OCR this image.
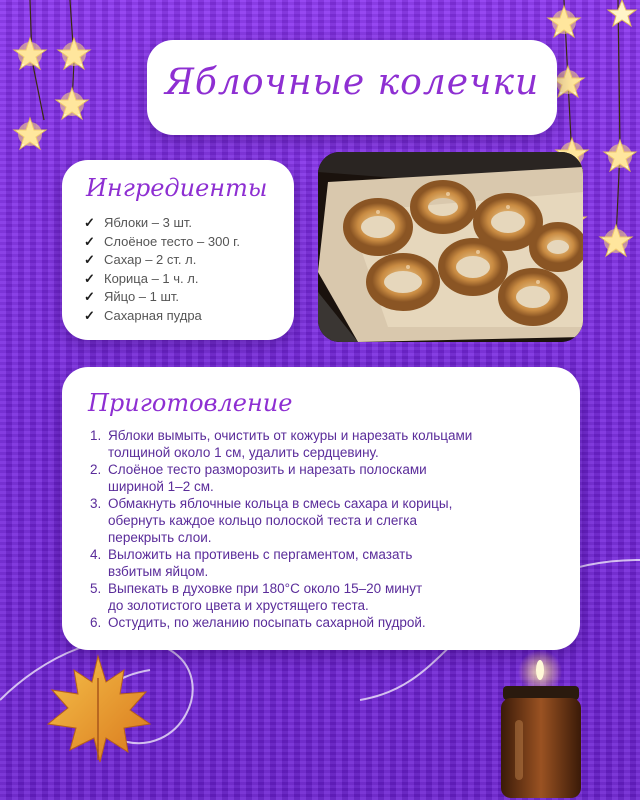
Яблочные колечки
Ингредиенты
✓ Яблоки – 3 шт.
✓ Слоёное тесто – 300 г.
✓ Сахар – 2 ст. л.
✓ Корица – 1 ч. л.
✓ Яйцо – 1 шт.
✓ Сахарная пудра
Приготовление
1. Яблоки вымыть, очистить от кожуры и нарезать кольцами
толщиной около 1 см, удалить сердцевину.
2. Слоёное тесто разморозить и нарезать полосками
шириной 1–2 см.
3. Обмакнуть яблочные кольца в смесь сахара и корицы,
обернуть каждое кольцо полоской теста и слегка
перекрыть слои.
4. Выложить на противень с пергаментом, смазать
взбитым яйцом.
5. Выпекать в духовке при 180°С около 15–20 минут
до золотистого цвета и хрустящего теста.
6. Остудить, по желанию посыпать сахарной пудрой.
